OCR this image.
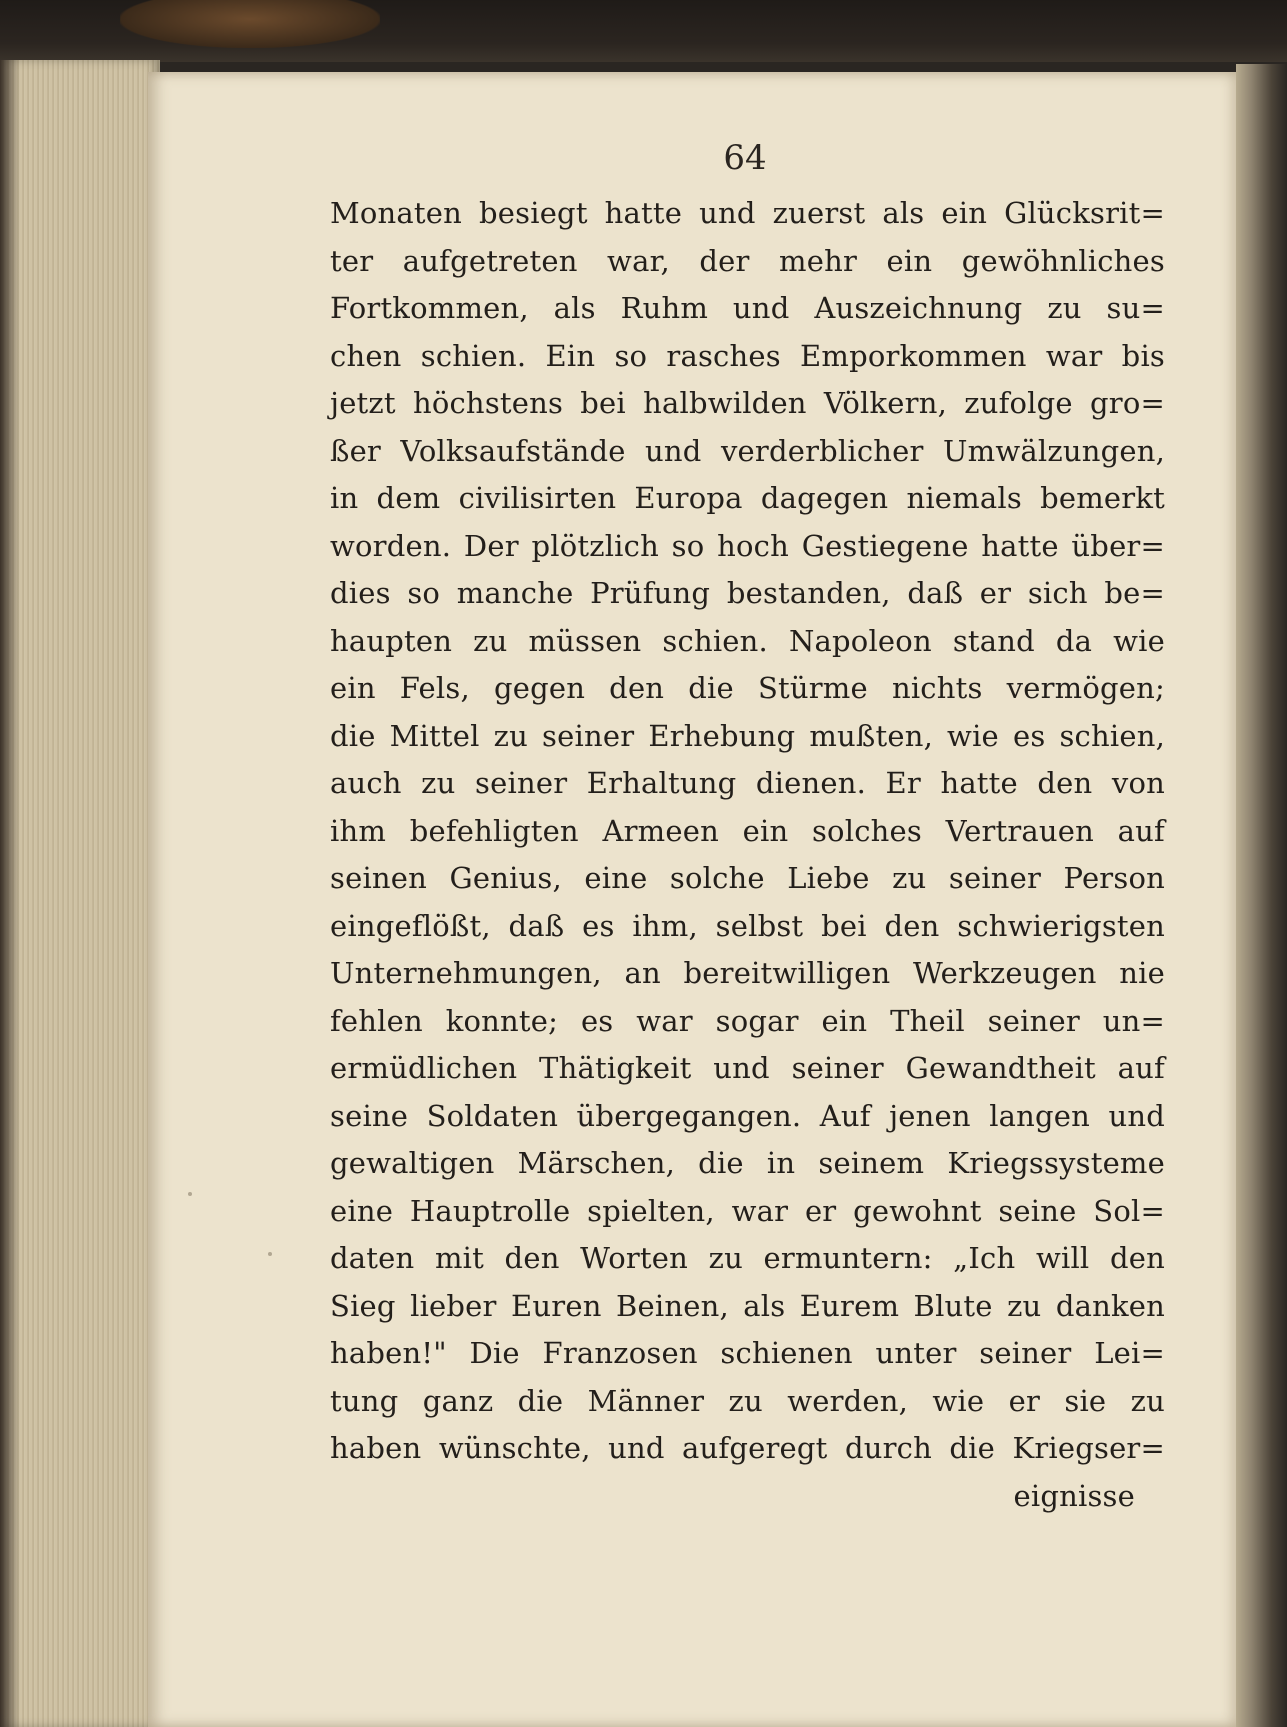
64
Monaten besiegt hatte und zuerst als ein Glücksrit=
ter aufgetreten war, der mehr ein gewöhnliches
Fortkommen, als Ruhm und Auszeichnung zu su=
chen schien. Ein so rasches Emporkommen war bis
jetzt höchstens bei halbwilden Völkern, zufolge gro=
ßer Volksaufstände und verderblicher Umwälzungen,
in dem civilisirten Europa dagegen niemals bemerkt
worden. Der plötzlich so hoch Gestiegene hatte über=
dies so manche Prüfung bestanden, daß er sich be=
haupten zu müssen schien. Napoleon stand da wie
ein Fels, gegen den die Stürme nichts vermögen;
die Mittel zu seiner Erhebung mußten, wie es schien,
auch zu seiner Erhaltung dienen. Er hatte den von
ihm befehligten Armeen ein solches Vertrauen auf
seinen Genius, eine solche Liebe zu seiner Person
eingeflößt, daß es ihm, selbst bei den schwierigsten
Unternehmungen, an bereitwilligen Werkzeugen nie
fehlen konnte; es war sogar ein Theil seiner un=
ermüdlichen Thätigkeit und seiner Gewandtheit auf
seine Soldaten übergegangen. Auf jenen langen und
gewaltigen Märschen, die in seinem Kriegssysteme
eine Hauptrolle spielten, war er gewohnt seine Sol=
daten mit den Worten zu ermuntern: „Ich will den
Sieg lieber Euren Beinen, als Eurem Blute zu danken
haben!" Die Franzosen schienen unter seiner Lei=
tung ganz die Männer zu werden, wie er sie zu
haben wünschte, und aufgeregt durch die Kriegser=
eignisse
